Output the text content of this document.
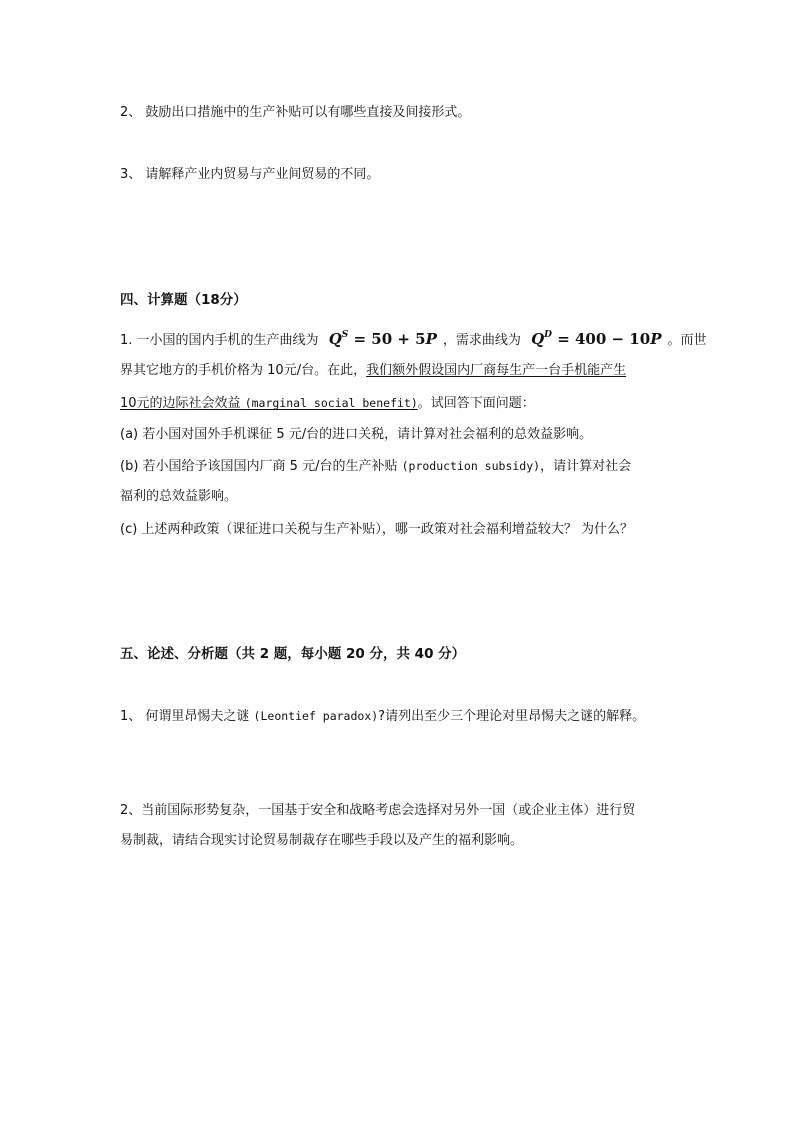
2、 鼓励出口措施中的生产补贴可以有哪些直接及间接形式。
3、 请解释产业内贸易与产业间贸易的不同。
四、计算题（18分）
1. 一小国的国内手机的生产曲线为 $Q^S = 50 + 5P$ ，需求曲线为 $Q^D = 400 - 10P$ 。而世
界其它地方的手机价格为 10元/台。在此，我们额外假设国内厂商每生产一台手机能产生
10元的边际社会效益 (marginal social benefit)。试回答下面问题：
(a) 若小国对国外手机课征 5 元/台的进口关税，请计算对社会福利的总效益影响。
(b) 若小国给予该国国内厂商 5 元/台的生产补贴 (production subsidy)，请计算对社会
福利的总效益影响。
(c) 上述两种政策（课征进口关税与生产补贴），哪一政策对社会福利增益较大？ 为什么？
五、论述、分析题（共 2 题，每小题 20 分，共 40 分）
1、 何谓里昂惕夫之谜 (Leontief paradox)?请列出至少三个理论对里昂惕夫之谜的解释。
2、当前国际形势复杂，一国基于安全和战略考虑会选择对另外一国（或企业主体）进行贸
易制裁，请结合现实讨论贸易制裁存在哪些手段以及产生的福利影响。
